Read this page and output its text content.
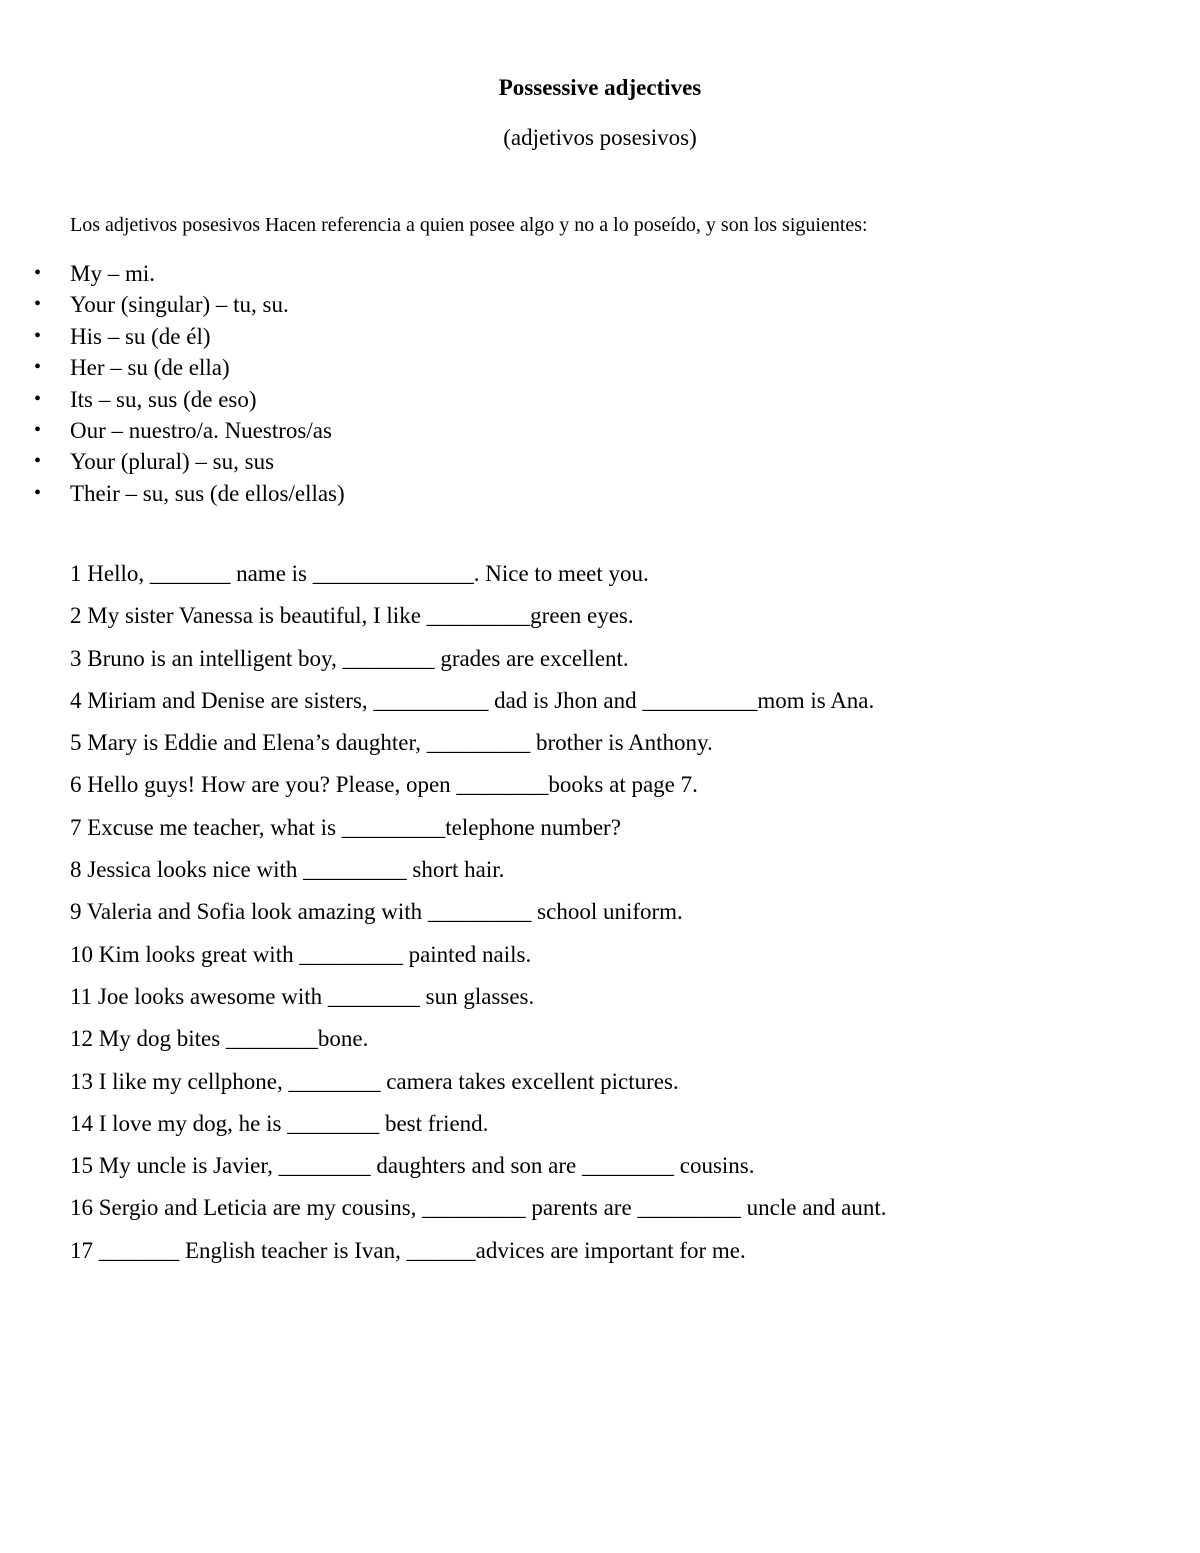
Possessive adjectives
(adjetivos posesivos)
Los adjetivos posesivos Hacen referencia a quien posee algo y no a lo poseído, y son los siguientes:
• My – mi.
• Your (singular) – tu, su.
• His – su (de él)
• Her – su (de ella)
• Its – su, sus (de eso)
• Our – nuestro/a. Nuestros/as
• Your (plural) – su, sus
• Their – su, sus (de ellos/ellas)
1 Hello, _______ name is ______________. Nice to meet you.
2 My sister Vanessa is beautiful, I like _________green eyes.
3 Bruno is an intelligent boy, ________ grades are excellent.
4 Miriam and Denise are sisters, __________ dad is Jhon and __________mom is Ana.
5 Mary is Eddie and Elena’s daughter, _________ brother is Anthony.
6 Hello guys! How are you? Please, open ________books at page 7.
7 Excuse me teacher, what is _________telephone number?
8 Jessica looks nice with _________ short hair.
9 Valeria and Sofia look amazing with _________ school uniform.
10 Kim looks great with _________ painted nails.
11 Joe looks awesome with ________ sun glasses.
12 My dog bites ________bone.
13 I like my cellphone, ________ camera takes excellent pictures.
14 I love my dog, he is ________ best friend.
15 My uncle is Javier, ________ daughters and son are ________ cousins.
16 Sergio and Leticia are my cousins, _________ parents are _________ uncle and aunt.
17 _______ English teacher is Ivan, ______advices are important for me.
